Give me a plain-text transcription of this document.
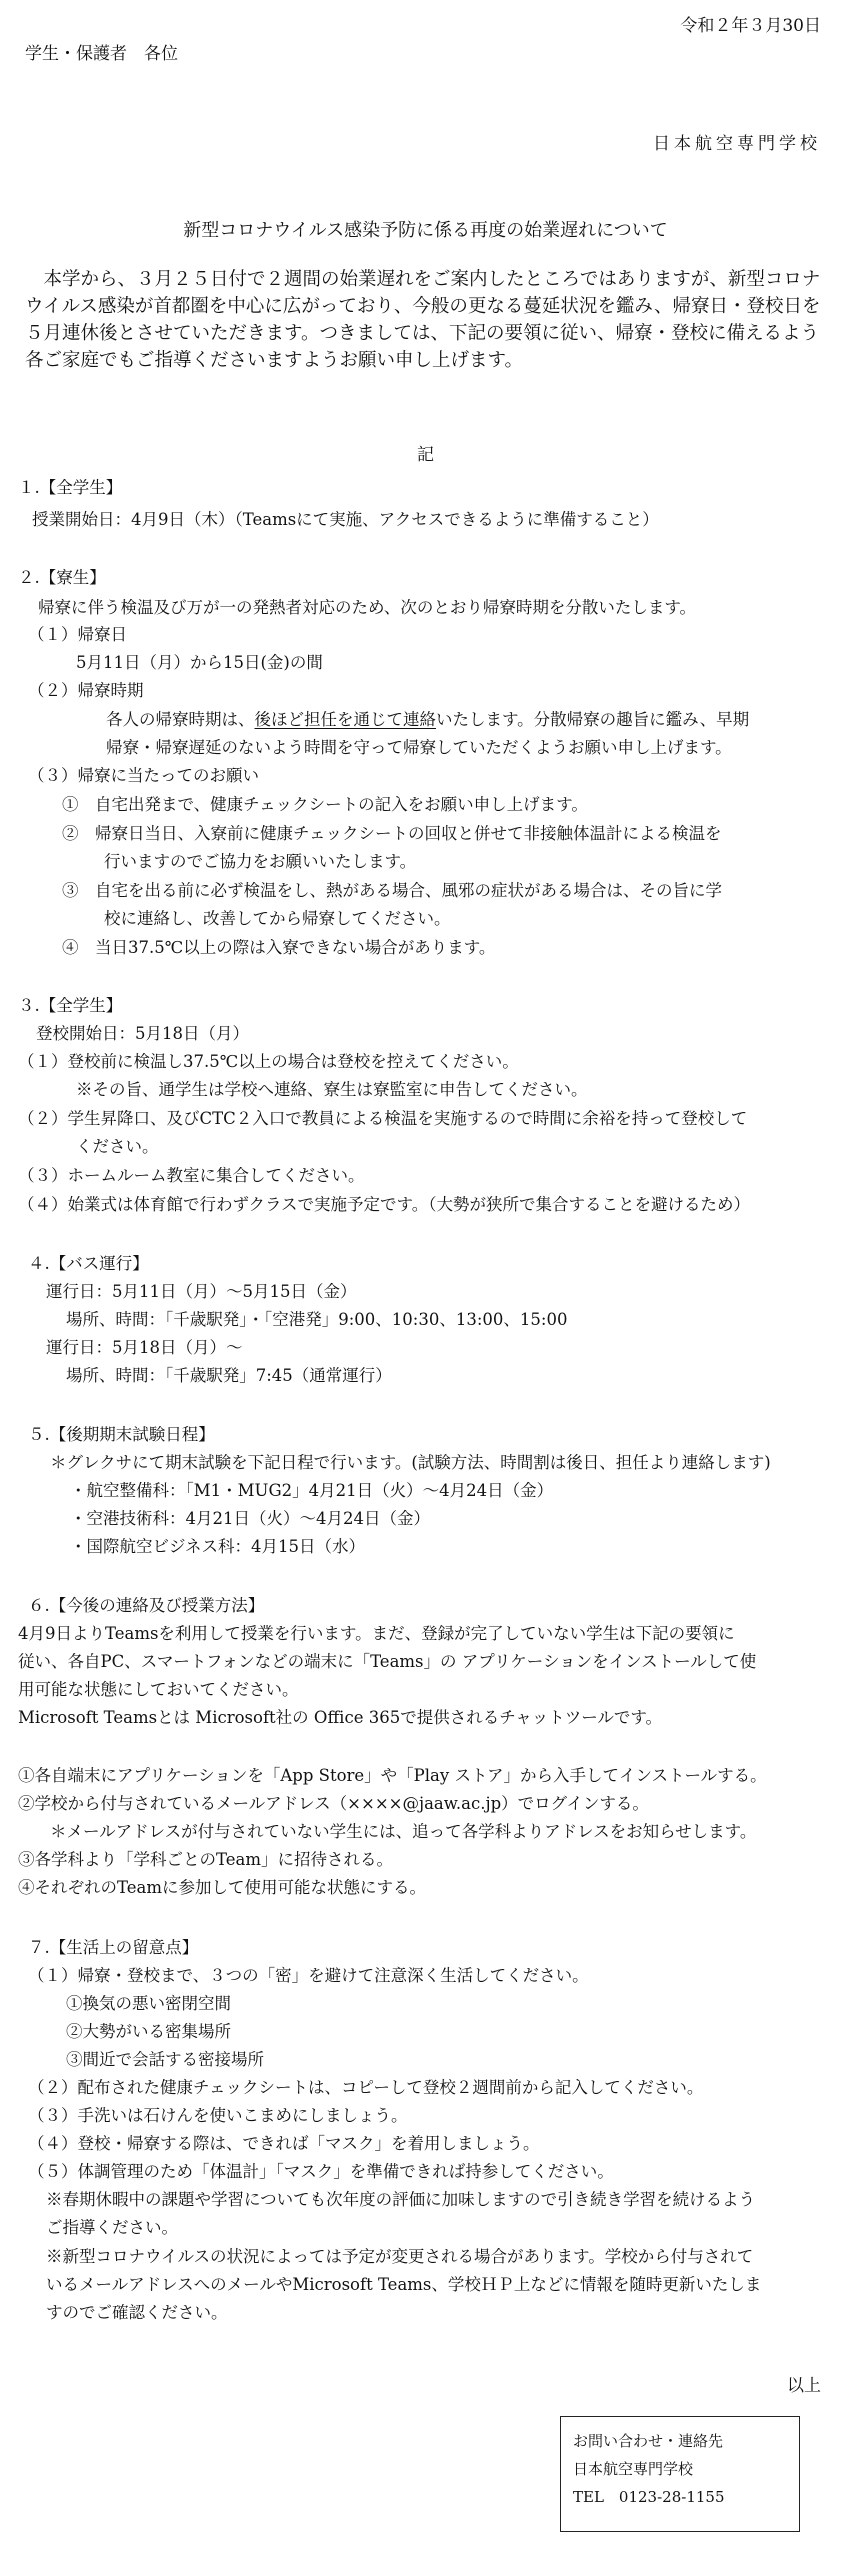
令和２年３月30日
学生・保護者　各位
日本航空専門学校
新型コロナウイルス感染予防に係る再度の始業遅れについて

本学から、３月２５日付で２週間の始業遅れをご案内したところではありますが、新型コロナウイルス感染が首都圏を中心に広がっており、今般の更なる蔓延状況を鑑み、帰寮日・登校日を５月連休後とさせていただきます。つきましては、下記の要領に従い、帰寮・登校に備えるよう各ご家庭でもご指導くださいますようお願い申し上げます。

記
１.【全学生】
授業開始日：4月9日（木）（Teamsにて実施、アクセスできるように準備すること）
２.【寮生】
帰寮に伴う検温及び万が一の発熱者対応のため、次のとおり帰寮時期を分散いたします。
（１）帰寮日
5月11日（月）から15日(金)の間
（２）帰寮時期
各人の帰寮時期は、後ほど担任を通じて連絡いたします。分散帰寮の趣旨に鑑み、早期
帰寮・帰寮遅延のないよう時間を守って帰寮していただくようお願い申し上げます。
（３）帰寮に当たってのお願い
①　自宅出発まで、健康チェックシートの記入をお願い申し上げます。
②　帰寮日当日、入寮前に健康チェックシートの回収と併せて非接触体温計による検温を
行いますのでご協力をお願いいたします。
③　自宅を出る前に必ず検温をし、熱がある場合、風邪の症状がある場合は、その旨に学
校に連絡し、改善してから帰寮してください。
④　当日37.5℃以上の際は入寮できない場合があります。
３.【全学生】
登校開始日：5月18日（月）
（１）登校前に検温し37.5℃以上の場合は登校を控えてください。
※その旨、通学生は学校へ連絡、寮生は寮監室に申告してください。
（２）学生昇降口、及びCTC２入口で教員による検温を実施するので時間に余裕を持って登校して
ください。
（３）ホームルーム教室に集合してください。
（４）始業式は体育館で行わずクラスで実施予定です。（大勢が狭所で集合することを避けるため）
４.【バス運行】
運行日：5月11日（月）～5月15日（金）
場所、時間：「千歳駅発」・「空港発」9:00、10:30、13:00、15:00
運行日：5月18日（月）～
場所、時間：「千歳駅発」7:45（通常運行）
５.【後期期末試験日程】
＊グレクサにて期末試験を下記日程で行います。(試験方法、時間割は後日、担任より連絡します)
・航空整備科：「M1・MUG2」4月21日（火）～4月24日（金）
・空港技術科：4月21日（火）～4月24日（金）
・国際航空ビジネス科：4月15日（水）
６.【今後の連絡及び授業方法】
4月9日よりTeamsを利用して授業を行います。まだ、登録が完了していない学生は下記の要領に
従い、各自PC、スマートフォンなどの端末に「Teams」の アプリケーションをインストールして使
用可能な状態にしておいてください。
Microsoft Teamsとは Microsoft社の Office 365で提供されるチャットツールです。
①各自端末にアプリケーションを「App Store」や「Play ストア」から入手してインストールする。
②学校から付与されているメールアドレス（××××@jaaw.ac.jp）でログインする。
＊メールアドレスが付与されていない学生には、追って各学科よりアドレスをお知らせします。
③各学科より「学科ごとのTeam」に招待される。
④それぞれのTeamに参加して使用可能な状態にする。
７.【生活上の留意点】
（１）帰寮・登校まで、３つの「密」を避けて注意深く生活してください。
①換気の悪い密閉空間
②大勢がいる密集場所
③間近で会話する密接場所
（２）配布された健康チェックシートは、コピーして登校２週間前から記入してください。
（３）手洗いは石けんを使いこまめにしましょう。
（４）登校・帰寮する際は、できれば「マスク」を着用しましょう。
（５）体調管理のため「体温計」「マスク」を準備できれば持参してください。
※春期休暇中の課題や学習についても次年度の評価に加味しますので引き続き学習を続けるよう
ご指導ください。
※新型コロナウイルスの状況によっては予定が変更される場合があります。学校から付与されて
いるメールアドレスへのメールやMicrosoft Teams、学校ＨＰ上などに情報を随時更新いたしま
すのでご確認ください。
以上
お問い合わせ・連絡先
日本航空専門学校
TEL　0123-28-1155
